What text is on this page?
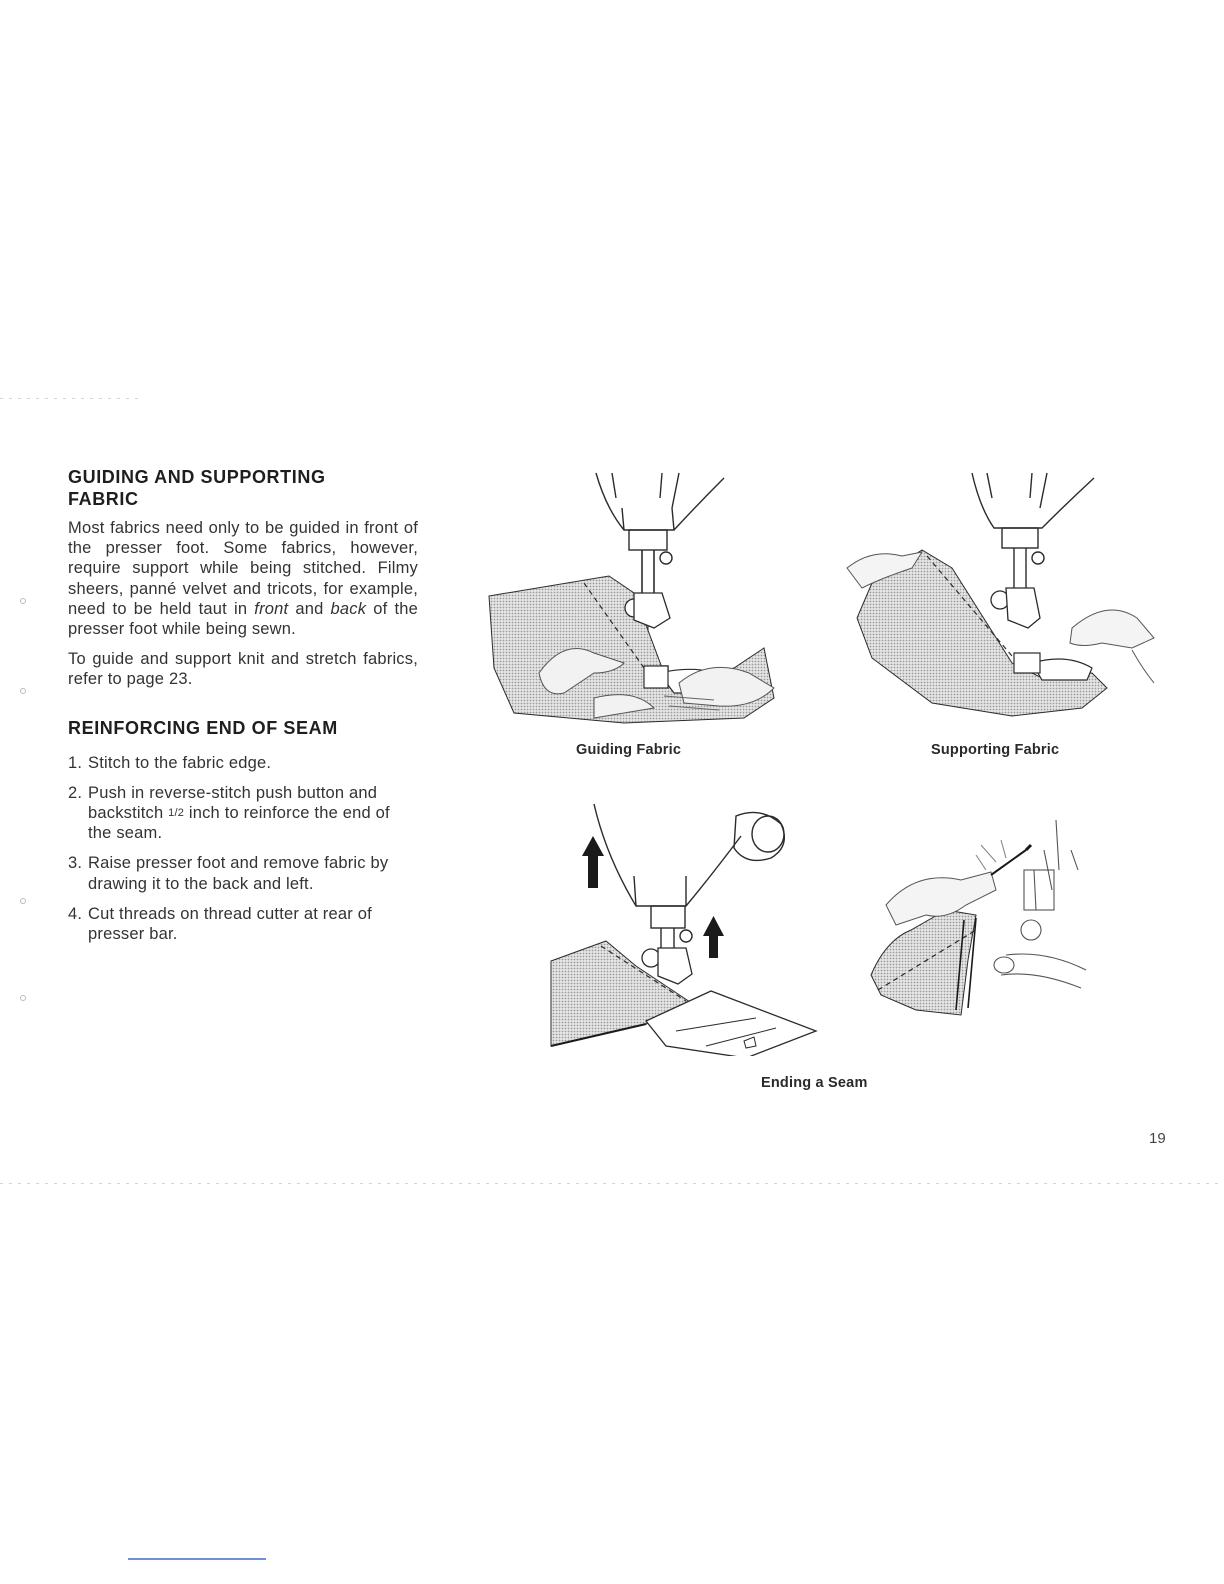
GUIDING AND SUPPORTING
FABRIC

Most fabrics need only to be guided in front of the presser foot. Some fabrics, however, require support while being stitched. Filmy sheers, panné velvet and tricots, for example, need to be held taut in front and back of the presser foot while being sewn.

To guide and support knit and stretch fabrics, refer to page 23.

REINFORCING END OF SEAM
1. Stitch to the fabric edge.
2. Push in reverse-stitch push button and backstitch 1/2 inch to reinforce the end of the seam.
3. Raise presser foot and remove fabric by drawing it to the back and left.
4. Cut threads on thread cutter at rear of presser bar.
Guiding Fabric	Supporting Fabric
Ending a Seam
19
